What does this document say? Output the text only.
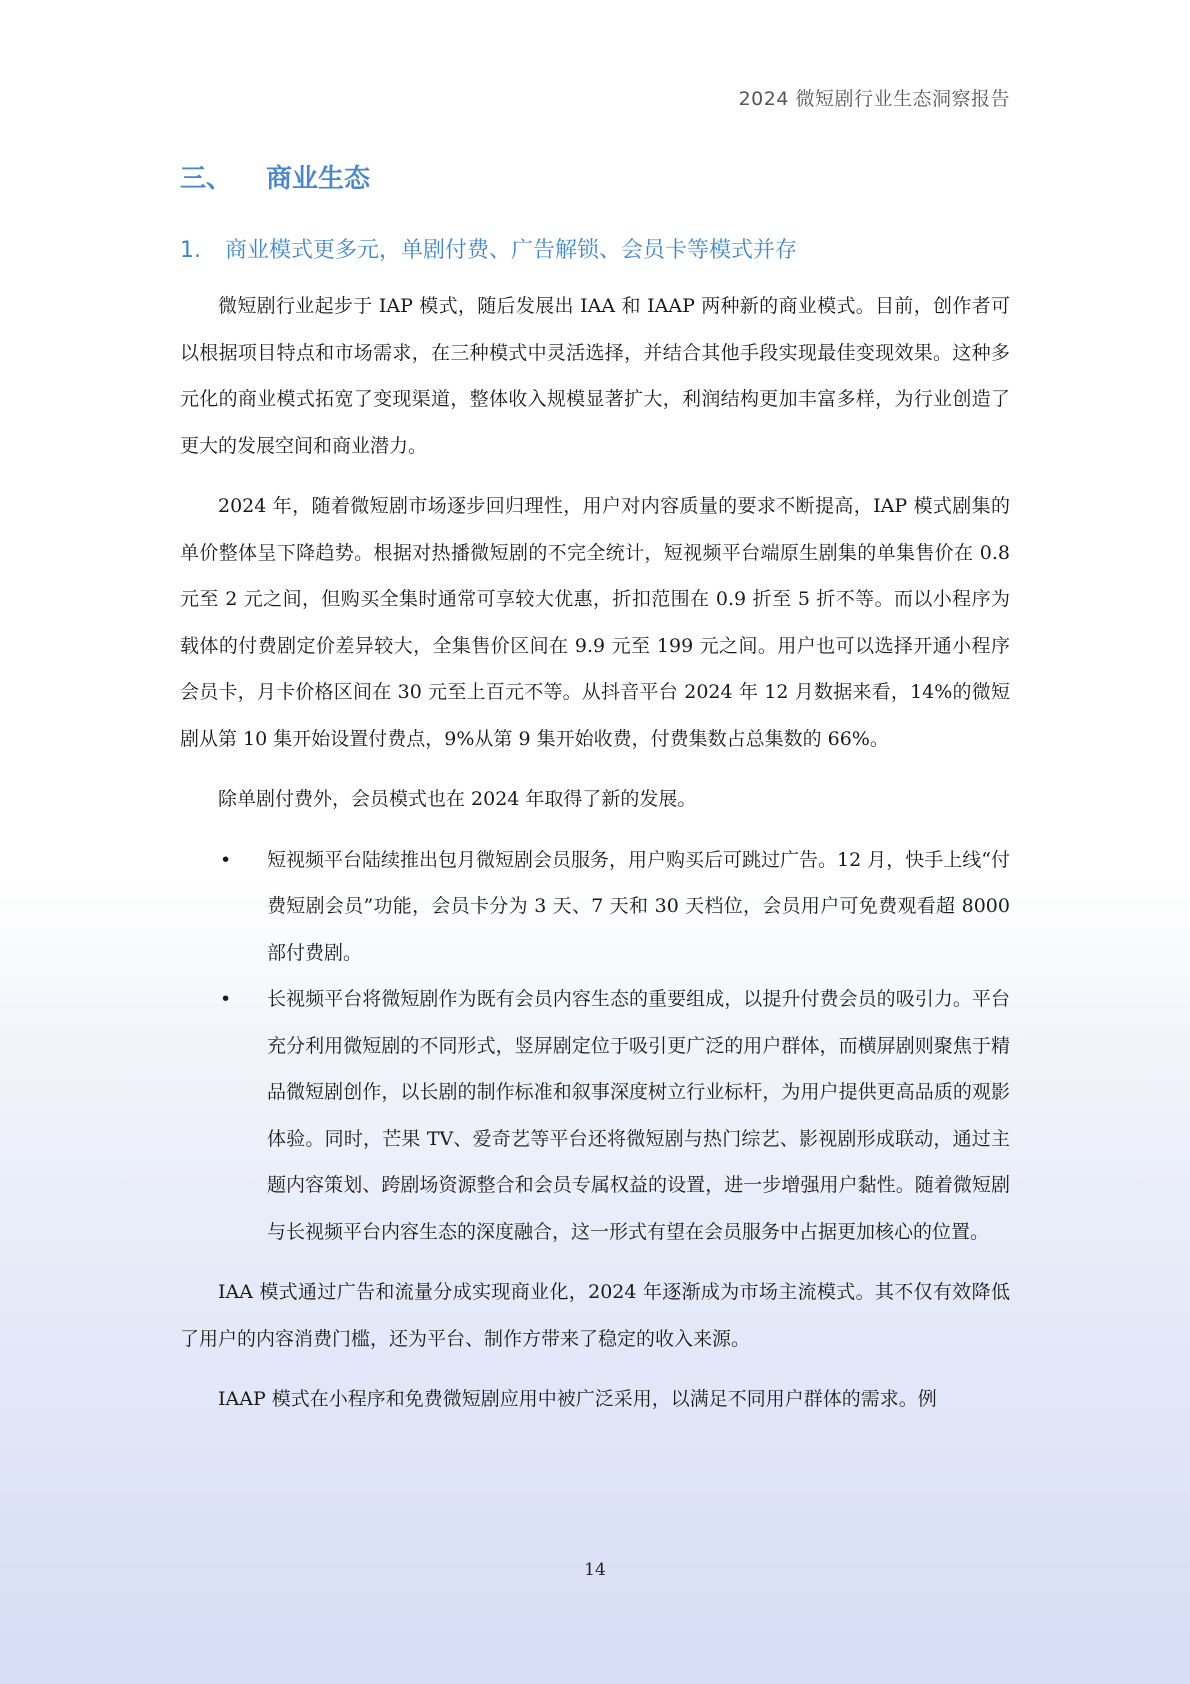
2024 微短剧行业生态洞察报告
三、 商业生态
1. 商业模式更多元，单剧付费、广告解锁、会员卡等模式并存

微短剧行业起步于 IAP 模式，随后发展出 IAA 和 IAAP 两种新的商业模式。目前，创作者可以根据项目特点和市场需求，在三种模式中灵活选择，并结合其他手段实现最佳变现效果。这种多元化的商业模式拓宽了变现渠道，整体收入规模显著扩大，利润结构更加丰富多样，为行业创造了更大的发展空间和商业潜力。

2024 年，随着微短剧市场逐步回归理性，用户对内容质量的要求不断提高，IAP 模式剧集的单价整体呈下降趋势。根据对热播微短剧的不完全统计，短视频平台端原生剧集的单集售价在 0.8 元至 2 元之间，但购买全集时通常可享较大优惠，折扣范围在 0.9 折至 5 折不等。而以小程序为载体的付费剧定价差异较大，全集售价区间在 9.9 元至 199 元之间。用户也可以选择开通小程序会员卡，月卡价格区间在 30 元至上百元不等。从抖音平台 2024 年 12 月数据来看，14%的微短剧从第 10 集开始设置付费点，9%从第 9 集开始收费，付费集数占总集数的 66%。

除单剧付费外，会员模式也在 2024 年取得了新的发展。

• 短视频平台陆续推出包月微短剧会员服务，用户购买后可跳过广告。12 月，快手上线“付费短剧会员”功能，会员卡分为 3 天、7 天和 30 天档位，会员用户可免费观看超 8000 部付费剧。
• 长视频平台将微短剧作为既有会员内容生态的重要组成，以提升付费会员的吸引力。平台充分利用微短剧的不同形式，竖屏剧定位于吸引更广泛的用户群体，而横屏剧则聚焦于精品微短剧创作，以长剧的制作标准和叙事深度树立行业标杆，为用户提供更高品质的观影体验。同时，芒果 TV、爱奇艺等平台还将微短剧与热门综艺、影视剧形成联动，通过主题内容策划、跨剧场资源整合和会员专属权益的设置，进一步增强用户黏性。随着微短剧与长视频平台内容生态的深度融合，这一形式有望在会员服务中占据更加核心的位置。

IAA 模式通过广告和流量分成实现商业化，2024 年逐渐成为市场主流模式。其不仅有效降低了用户的内容消费门槛，还为平台、制作方带来了稳定的收入来源。

IAAP 模式在小程序和免费微短剧应用中被广泛采用，以满足不同用户群体的需求。例

14
